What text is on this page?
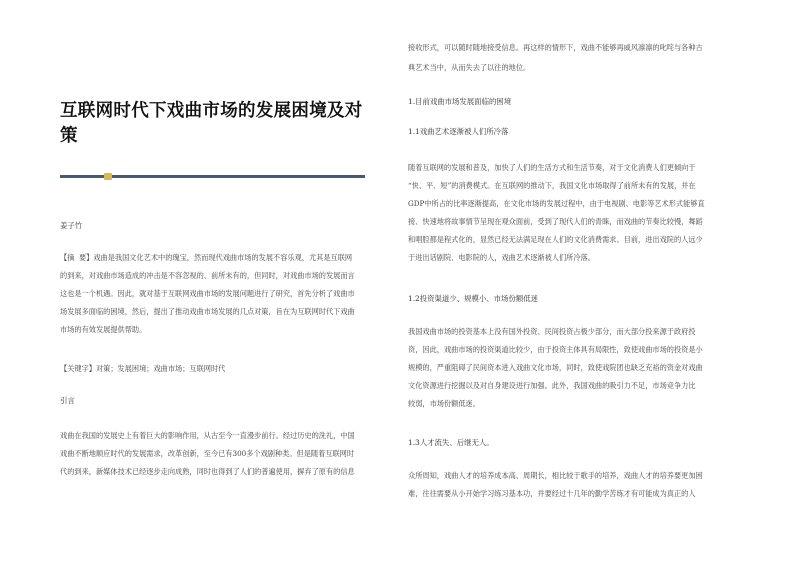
互联网时代下戏曲市场的发展困境及对策
姜子竹
【摘  要】戏曲是我国文化艺术中的瑰宝，然而现代戏曲市场的发展不容乐观，尤其是互联网
的到来，对戏曲市场造成的冲击是不容忽视的、前所未有的，但同时，对戏曲市场的发展而言
这也是一个机遇。因此，就对基于互联网戏曲市场的发展问题进行了研究，首先分析了戏曲市
场发展多面临的困境，然后，提出了推动戏曲市场发展的几点对策，旨在为互联网时代下戏曲
市场的有效发展提供帮助。
【关键字】对策；发展困境；戏曲市场；互联网时代
引言
戏曲在我国的发展史上有着巨大的影响作用，从古至今一直漫步前行。经过历史的洗礼，中国
戏曲不断地顺应时代的发展需求，改革创新，至今已有300多个戏剧种类。但是随着互联网时
代的到来，新媒体技术已经逐步走向成熟，同时也得到了人们的普遍使用，摒弃了原有的信息
接收形式，可以随时随地接受信息。再这样的情形下，戏曲不能够再威风凛凛的叱咤与各种古
典艺术当中，从而失去了以往的地位。
1.目前戏曲市场发展面临的困境
1.1戏曲艺术逐渐被人们所冷落
随着互联网的发展和普及，加快了人们的生活方式和生活节奏，对于文化消费人们更倾向于
“快、平、短”的消费模式。在互联网的推动下，我国文化市场取得了前所未有的发展，并在
GDP中所占的比率逐渐提高，在文化市场的发展过程中，由于电视剧、电影等艺术形式能够直
接、快速地将故事情节呈现在观众面前，受到了现代人们的青睐，而戏曲的节奏比较慢，舞蹈
和唱腔都是程式化的，显然已经无法满足现在人们的文化消费需求。目前，进出戏院的人远少
于进出话剧院、电影院的人，戏曲艺术逐渐被人们所冷落。
1.2投资渠道少、规模小、市场份额低迷
我国戏曲市场的投资基本上没有国外投资、民间投资占极少部分，而大部分投来源于政府投
资，因此，戏曲市场的投资渠道比较少，由于投资主体具有局限性，致使戏曲市场的投资是小
规模的，严重阻碍了民间资本进入戏曲文化市场，同时，致使戏院团也缺乏充裕的资金对戏曲
文化资源进行挖掘以及对自身建设进行加强。此外，我国戏曲的吸引力不足，市场竞争力比
较弱，市场份额低迷。
1.3人才流失、后继无人。
众所周知，戏曲人才的培养成本高、周期长，相比较于歌手的培养，戏曲人才的培养要更加困
难，往往需要从小开始学习练习基本功，并要经过十几年的勤学苦练才有可能成为真正的人
